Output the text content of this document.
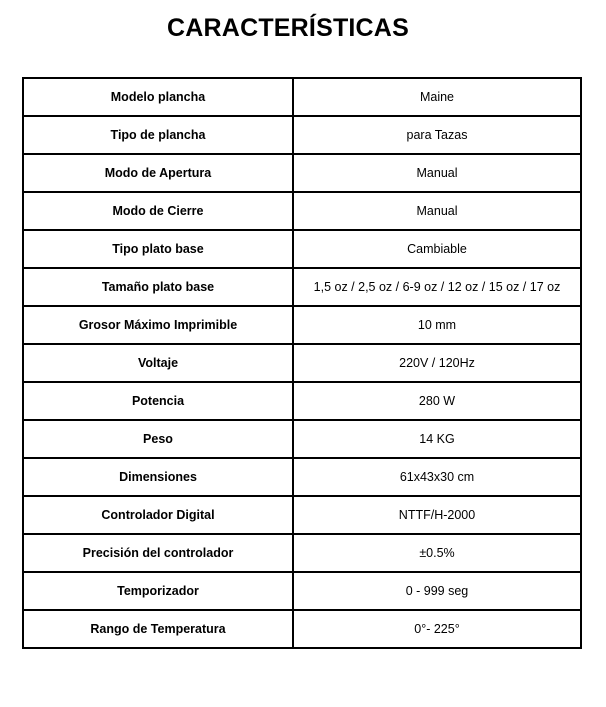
CARACTERÍSTICAS
Modelo plancha	Maine
Tipo de plancha	para Tazas
Modo de Apertura	Manual
Modo de Cierre	Manual
Tipo plato base	Cambiable
Tamaño plato base	1,5 oz / 2,5 oz / 6-9 oz / 12 oz / 15 oz / 17 oz
Grosor Máximo Imprimible	10 mm
Voltaje	220V / 120Hz
Potencia	280 W
Peso	14 KG
Dimensiones	61x43x30 cm
Controlador Digital	NTTF/H-2000
Precisión del controlador	±0.5%
Temporizador	0 - 999 seg
Rango de Temperatura	0°- 225°
